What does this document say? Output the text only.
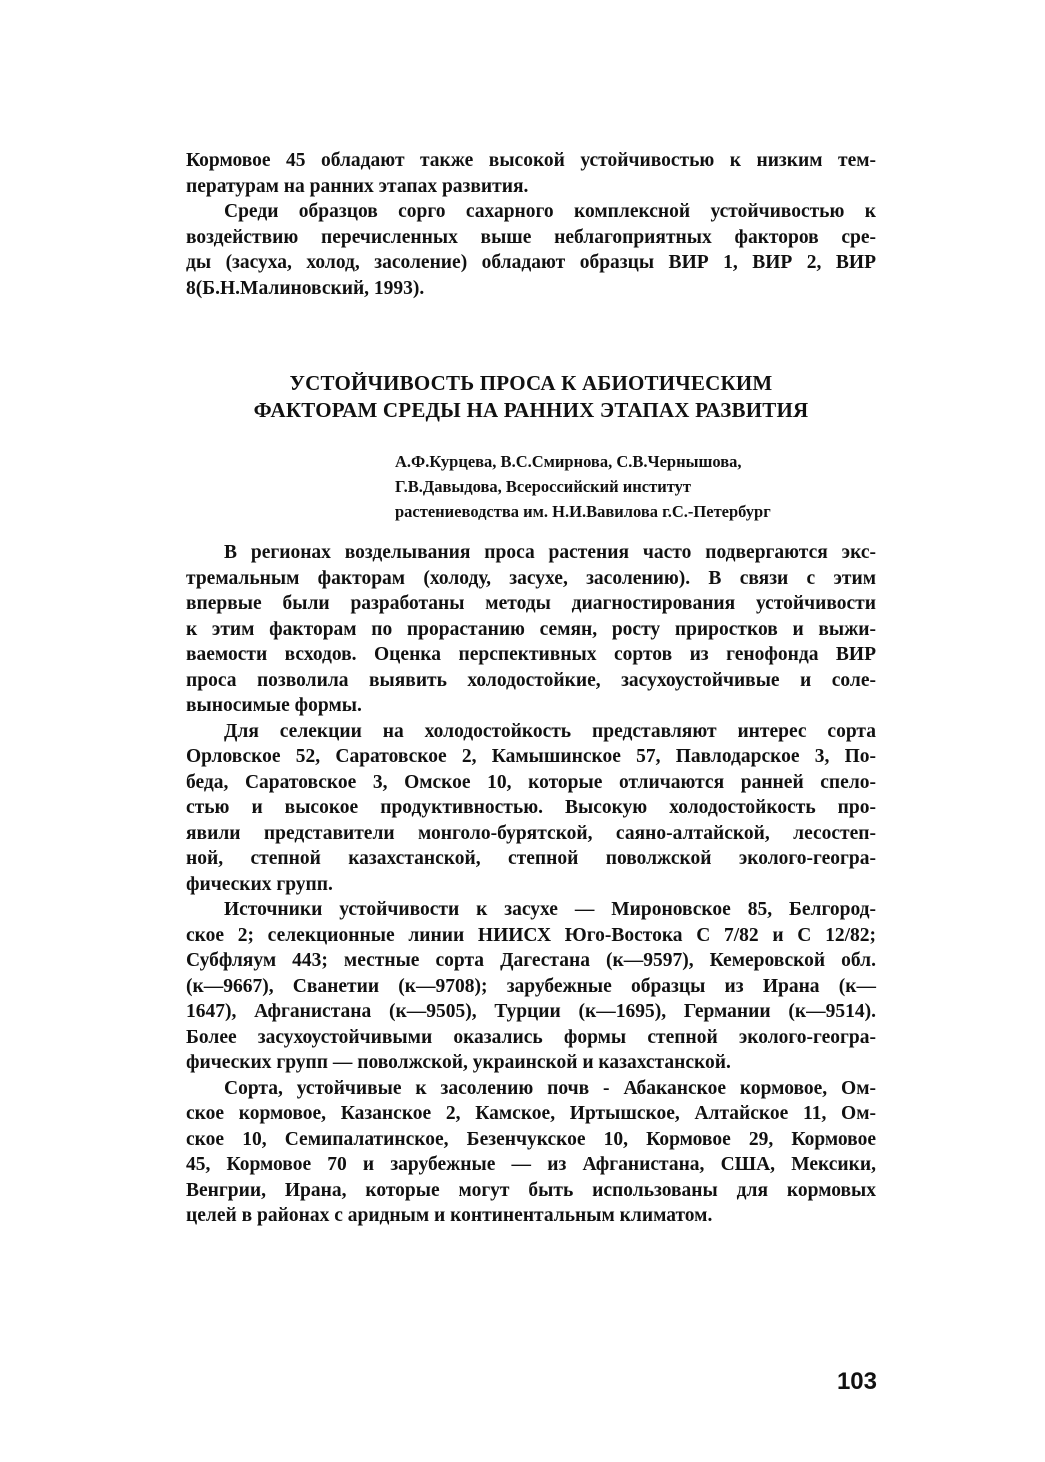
Кормовое 45 обладают также высокой устойчивостью к низким тем-
пературам на ранних этапах развития.

Среди образцов сорго сахарного комплексной устойчивостью к
воздействию перечисленных выше неблагоприятных факторов сре-
ды (засуха, холод, засоление) обладают образцы ВИР 1, ВИР 2, ВИР
8(Б.Н.Малиновский, 1993).

УСТОЙЧИВОСТЬ ПРОСА К АБИОТИЧЕСКИМ
ФАКТОРАМ СРЕДЫ НА РАННИХ ЭТАПАХ РАЗВИТИЯ
А.Ф.Курцева, В.С.Смирнова, С.В.Чернышова,
Г.В.Давыдова, Всероссийский институт
растениеводства им. Н.И.Вавилова г.С.-Петербург

В регионах возделывания проса растения часто подвергаются экс-
тремальным факторам (холоду, засухе, засолению). В связи с этим
впервые были разработаны методы диагностирования устойчивости
к этим факторам по прорастанию семян, росту приростков и выжи-
ваемости всходов. Оценка перспективных сортов из генофонда ВИР
проса позволила выявить холодостойкие, засухоустойчивые и соле-
выносимые формы.

Для селекции на холодостойкость представляют интерес сорта
Орловское 52, Саратовское 2, Камышинское 57, Павлодарское 3, По-
беда, Саратовское 3, Омское 10, которые отличаются ранней спело-
стью и высокое продуктивностью. Высокую холодостойкость про-
явили представители монголо-бурятской, саяно-алтайской, лесостеп-
ной, степной казахстанской, степной поволжской эколого-геогра-
фических групп.

Источники устойчивости к засухе — Мироновское 85, Белгород-
ское 2; селекционные линии НИИСХ Юго-Востока С 7/82 и С 12/82;
Субфляум 443; местные сорта Дагестана (к—9597), Кемеровской обл.
(к—9667), Сванетии (к—9708); зарубежные образцы из Ирана (к—
1647), Афганистана (к—9505), Турции (к—1695), Германии (к—9514).
Более засухоустойчивыми оказались формы степной эколого-геогра-
фических групп — поволжской, украинской и казахстанской.

Сорта, устойчивые к засолению почв - Абаканское кормовое, Ом-
ское кормовое, Казанское 2, Камское, Иртышское, Алтайское 11, Ом-
ское 10, Семипалатинское, Безенчукское 10, Кормовое 29, Кормовое
45, Кормовое 70 и зарубежные — из Афганистана, США, Мексики,
Венгрии, Ирана, которые могут быть использованы для кормовых
целей в районах с аридным и континентальным климатом.

103
